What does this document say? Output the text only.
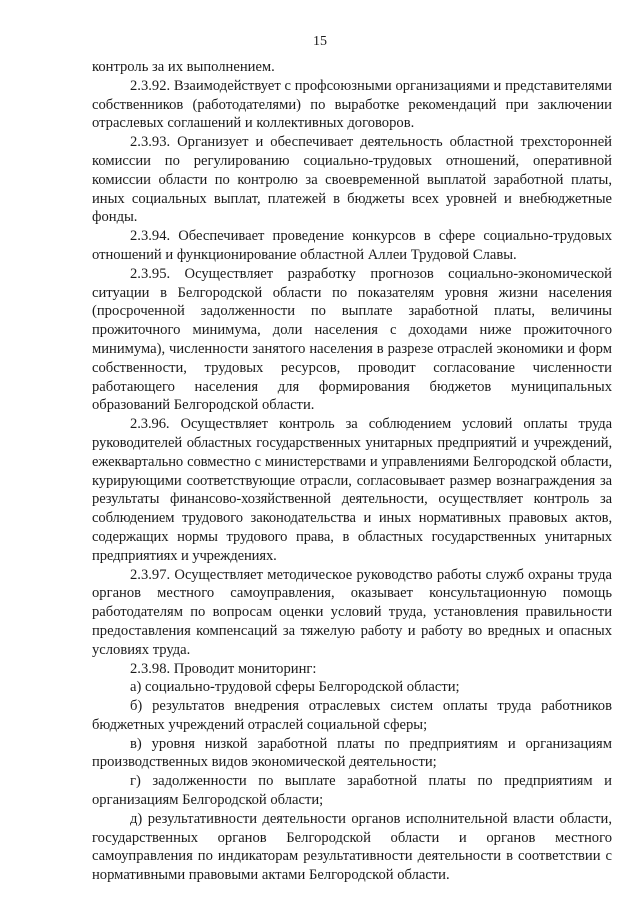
15

контроль за их выполнением.

2.3.92. Взаимодействует с профсоюзными организациями и представителями собственников (работодателями) по выработке рекомендаций при заключении отраслевых соглашений и коллективных договоров.

2.3.93. Организует и обеспечивает деятельность областной трехсторонней комиссии по регулированию социально-трудовых отношений, оперативной комиссии области по контролю за своевременной выплатой заработной платы, иных социальных выплат, платежей в бюджеты всех уровней и внебюджетные фонды.

2.3.94. Обеспечивает проведение конкурсов в сфере социально-трудовых отношений и функционирование областной Аллеи Трудовой Славы.

2.3.95. Осуществляет разработку прогнозов социально-экономической ситуации в Белгородской области по показателям уровня жизни населения (просроченной задолженности по выплате заработной платы, величины прожиточного минимума, доли населения с доходами ниже прожиточного минимума), численности занятого населения в разрезе отраслей экономики и форм собственности, трудовых ресурсов, проводит согласование численности работающего населения для формирования бюджетов муниципальных образований Белгородской области.

2.3.96. Осуществляет контроль за соблюдением условий оплаты труда руководителей областных государственных унитарных предприятий и учреждений, ежеквартально совместно с министерствами и управлениями Белгородской области, курирующими соответствующие отрасли, согласовывает размер вознаграждения за результаты финансово-хозяйственной деятельности, осуществляет контроль за соблюдением трудового законодательства и иных нормативных правовых актов, содержащих нормы трудового права, в областных государственных унитарных предприятиях и учреждениях.

2.3.97. Осуществляет методическое руководство работы служб охраны труда органов местного самоуправления, оказывает консультационную помощь работодателям по вопросам оценки условий труда, установления правильности предоставления компенсаций за тяжелую работу и работу во вредных и опасных условиях труда.

2.3.98. Проводит мониторинг:

а) социально-трудовой сферы Белгородской области;

б) результатов внедрения отраслевых систем оплаты труда работников бюджетных учреждений отраслей социальной сферы;

в) уровня низкой заработной платы по предприятиям и организациям производственных видов экономической деятельности;

г) задолженности по выплате заработной платы по предприятиям и организациям Белгородской области;

д) результативности деятельности органов исполнительной власти области, государственных органов Белгородской области и органов местного самоуправления по индикаторам результативности деятельности в соответствии с нормативными правовыми актами Белгородской области.
